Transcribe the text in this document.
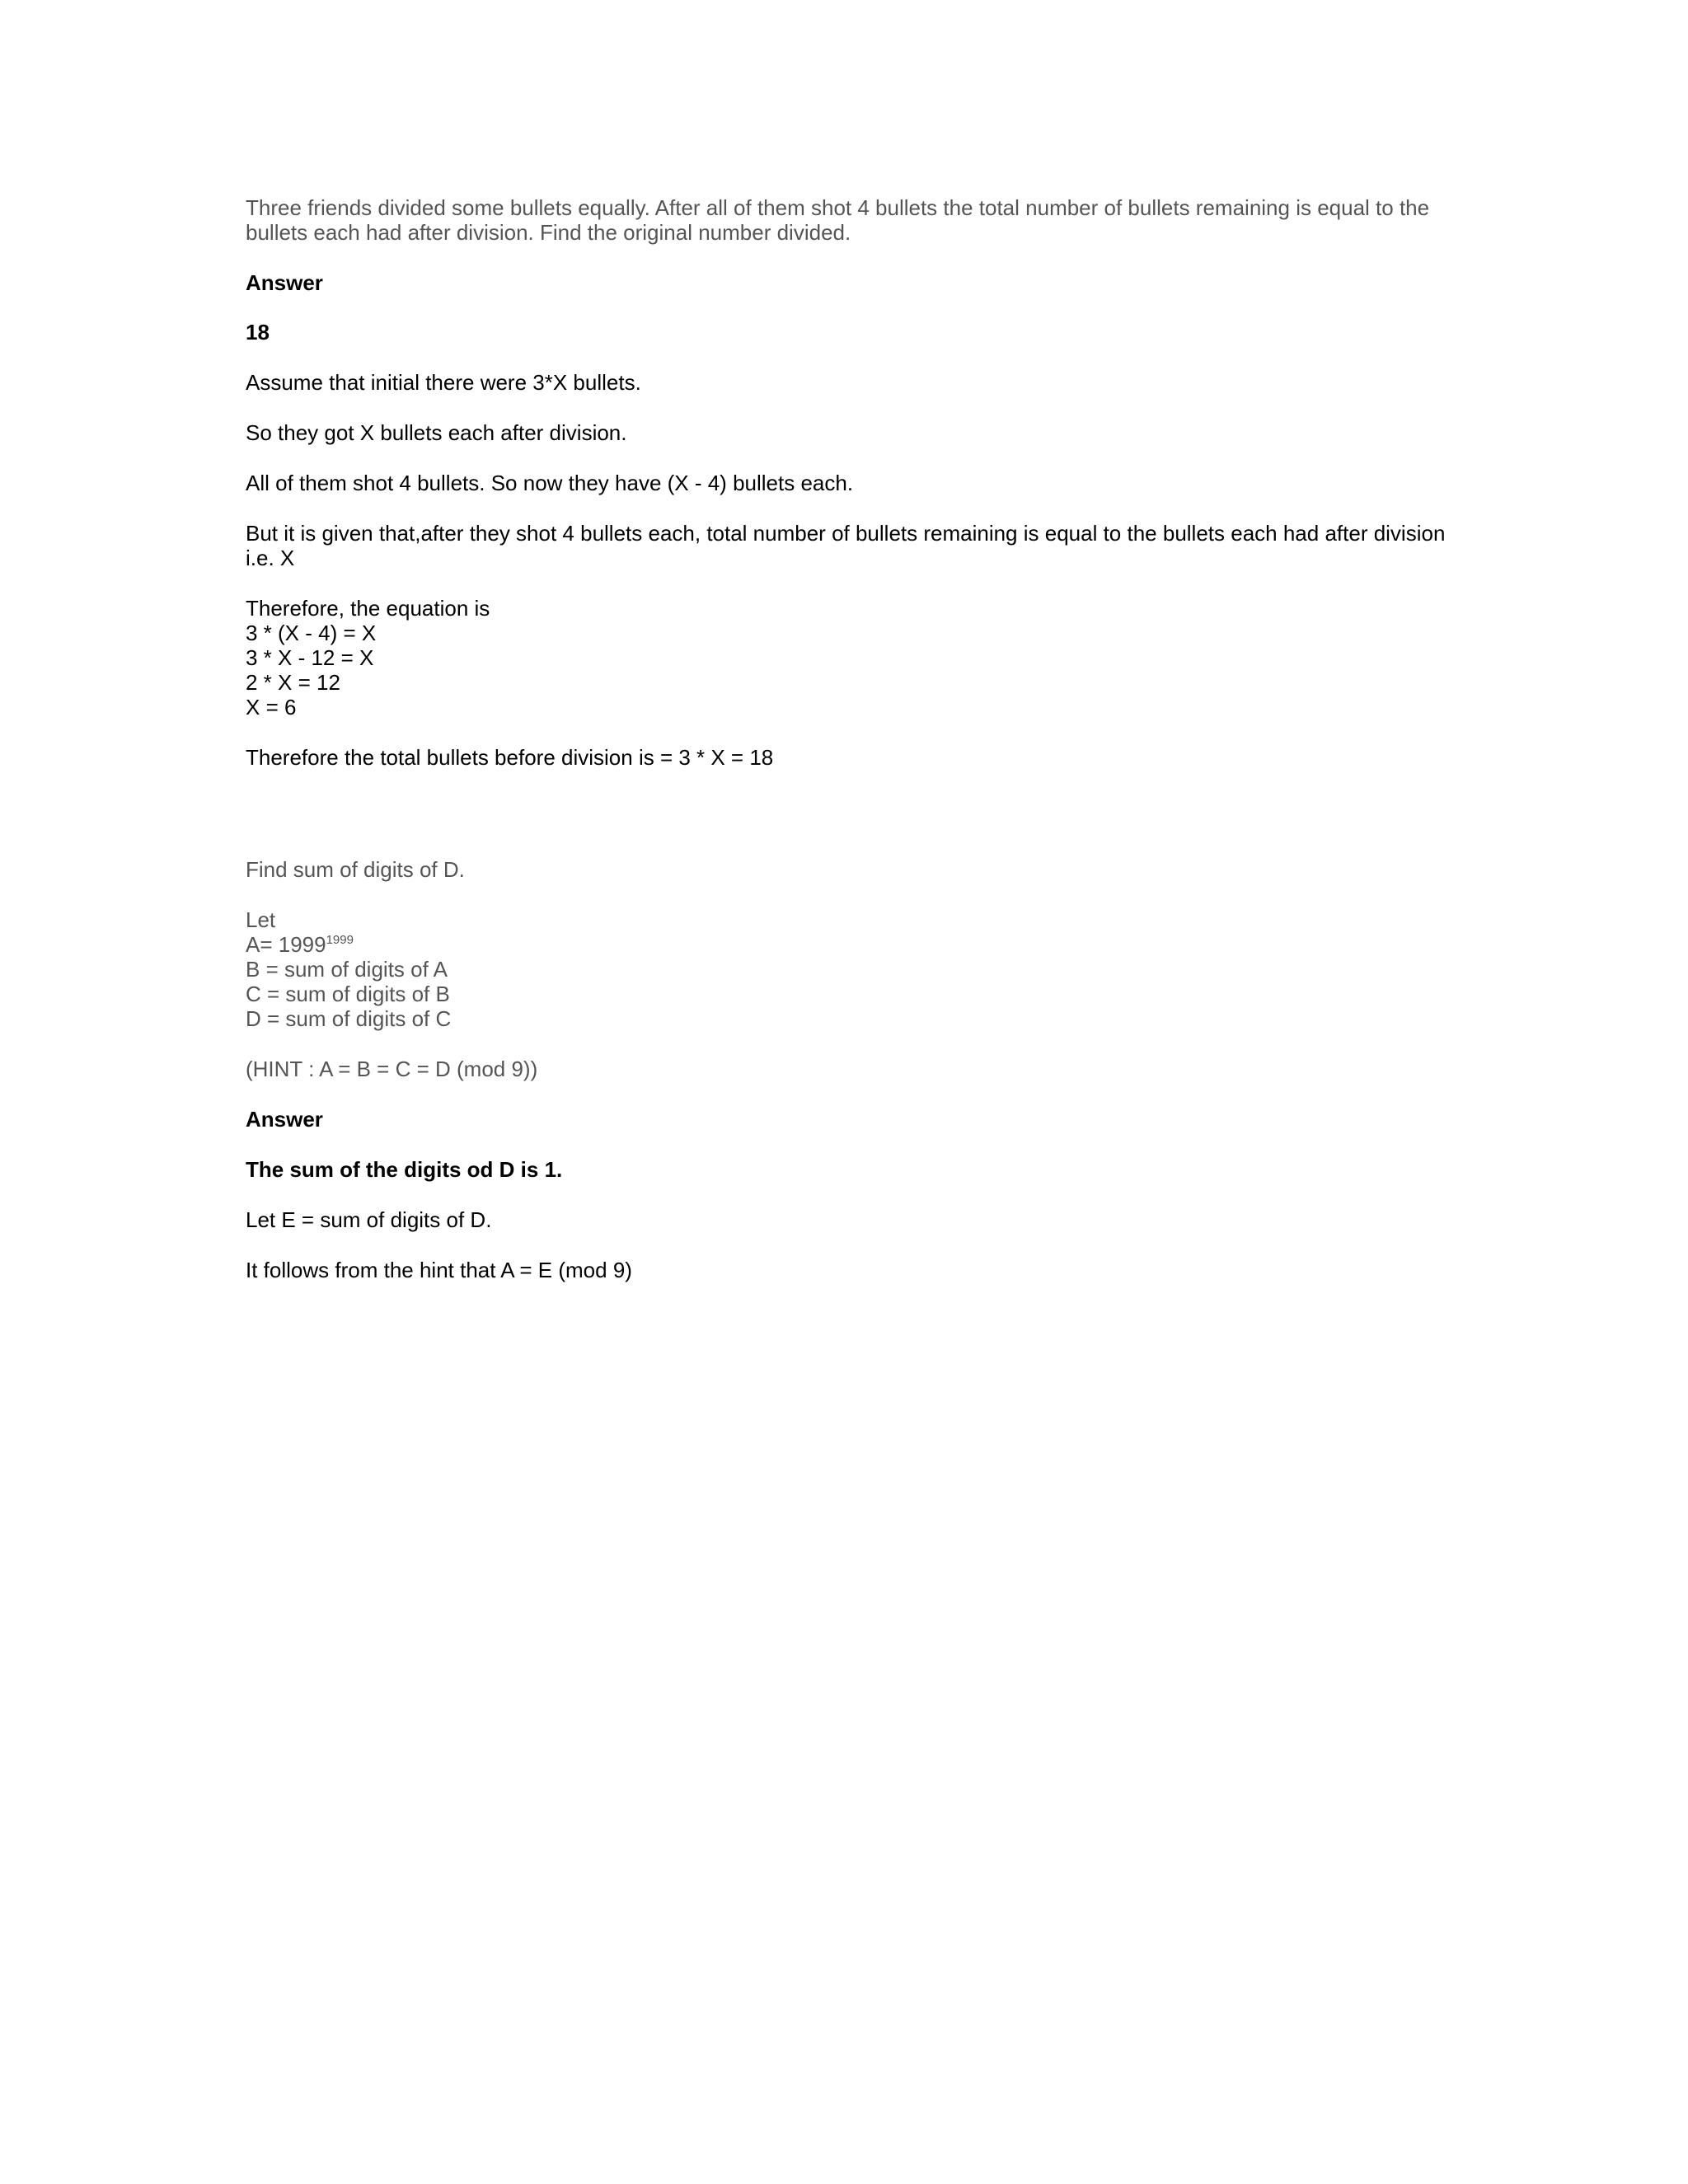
Three friends divided some bullets equally. After all of them shot 4 bullets the total number of bullets remaining is equal to the bullets each had after division. Find the original number divided.

Answer

18

Assume that initial there were 3*X bullets.

So they got X bullets each after division.

All of them shot 4 bullets. So now they have (X - 4) bullets each.

But it is given that,after they shot 4 bullets each, total number of bullets remaining is equal to the bullets each had after division i.e. X

Therefore, the equation is
3 * (X - 4) = X
3 * X - 12 = X
2 * X = 12
X = 6

Therefore the total bullets before division is = 3 * X = 18

Find sum of digits of D.

Let
$A= 1999^{1999}$
B = sum of digits of A
C = sum of digits of B
D = sum of digits of C

(HINT : A = B = C = D (mod 9))

Answer

The sum of the digits od D is 1.

Let E = sum of digits of D.

It follows from the hint that A = E (mod 9)
